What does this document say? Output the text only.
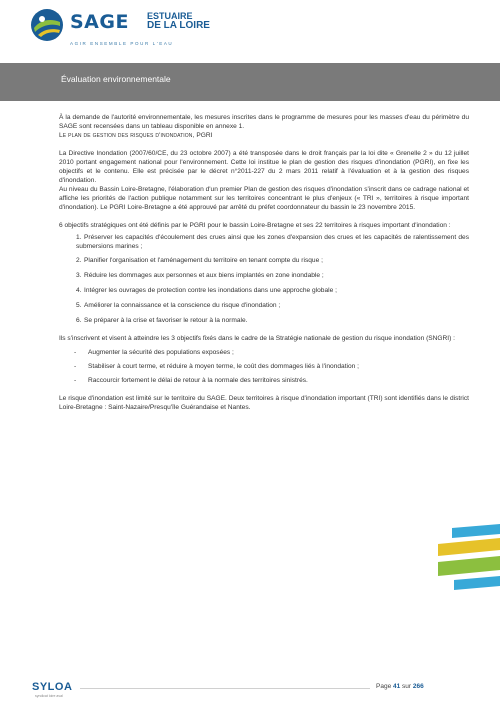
SAGE ESTUAIRE
DE LA LOIRE
AGIR ENSEMBLE POUR L'EAU
Évaluation environnementale

À la demande de l'autorité environnementale, les mesures inscrites dans le programme de mesures pour les masses d'eau du périmètre du SAGE sont recensées dans un tableau disponible en annexe 1.

Le plan de gestion des risques d'inondation, PGRI

La Directive Inondation (2007/60/CE, du 23 octobre 2007) a été transposée dans le droit français par la loi dite « Grenelle 2 » du 12 juillet 2010 portant engagement national pour l'environnement. Cette loi institue le plan de gestion des risques d'inondation (PGRI), en fixe les objectifs et le contenu. Elle est précisée par le décret n°2011-227 du 2 mars 2011 relatif à l'évaluation et à la gestion des risques d'inondation.

Au niveau du Bassin Loire-Bretagne, l'élaboration d'un premier Plan de gestion des risques d'inondation s'inscrit dans ce cadrage national et affiche les priorités de l'action publique notamment sur les territoires concentrant le plus d'enjeux (« TRI », territoires à risque important d'inondation). Le PGRI Loire-Bretagne a été approuvé par arrêté du préfet coordonnateur du bassin le 23 novembre 2015.

6 objectifs stratégiques ont été définis par le PGRI pour le bassin Loire-Bretagne et ses 22 territoires à risques important d'inondation :

1. Préserver les capacités d'écoulement des crues ainsi que les zones d'expansion des crues et les capacités de ralentissement des submersions marines ;
2. Planifier l'organisation et l'aménagement du territoire en tenant compte du risque ;
3. Réduire les dommages aux personnes et aux biens implantés en zone inondable ;
4. Intégrer les ouvrages de protection contre les inondations dans une approche globale ;
5. Améliorer la connaissance et la conscience du risque d'inondation ;
6. Se préparer à la crise et favoriser le retour à la normale.

Ils s'inscrivent et visent à atteindre les 3 objectifs fixés dans le cadre de la Stratégie nationale de gestion du risque inondation (SNGRI) :

- Augmenter la sécurité des populations exposées ;
- Stabiliser à court terme, et réduire à moyen terme, le coût des dommages liés à l'inondation ;
- Raccourcir fortement le délai de retour à la normale des territoires sinistrés.

Le risque d'inondation est limité sur le territoire du SAGE. Deux territoires à risque d'inondation important (TRI) sont identifiés dans le district Loire-Bretagne : Saint-Nazaire/Presqu'île Guérandaise et Nantes.

SYLOA
syndicat loire aval
Page 41 sur 266
